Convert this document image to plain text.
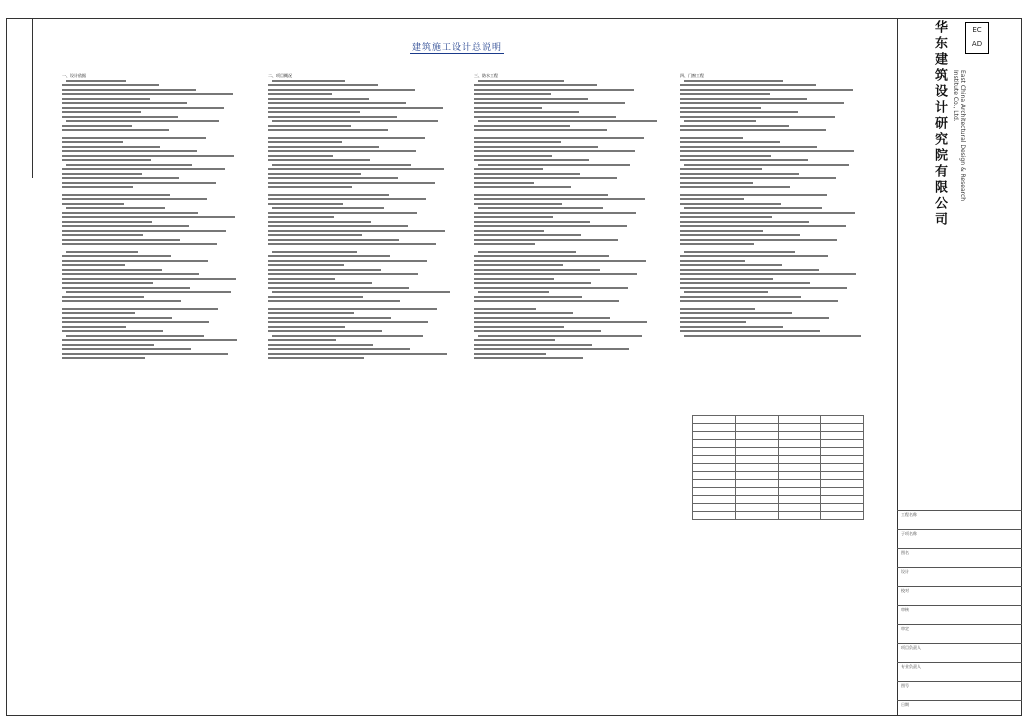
建筑施工设计总说明
一、设计依据	二、项目概况	三、防水工程	四、门窗工程

EC
AD
华东建筑设计研究院有限公司	East China Architectural Design & Research Institute Co., Ltd.
工程名称
子项名称
图名
设计
校对
审核
审定
项目负责人
专业负责人
图号
日期
